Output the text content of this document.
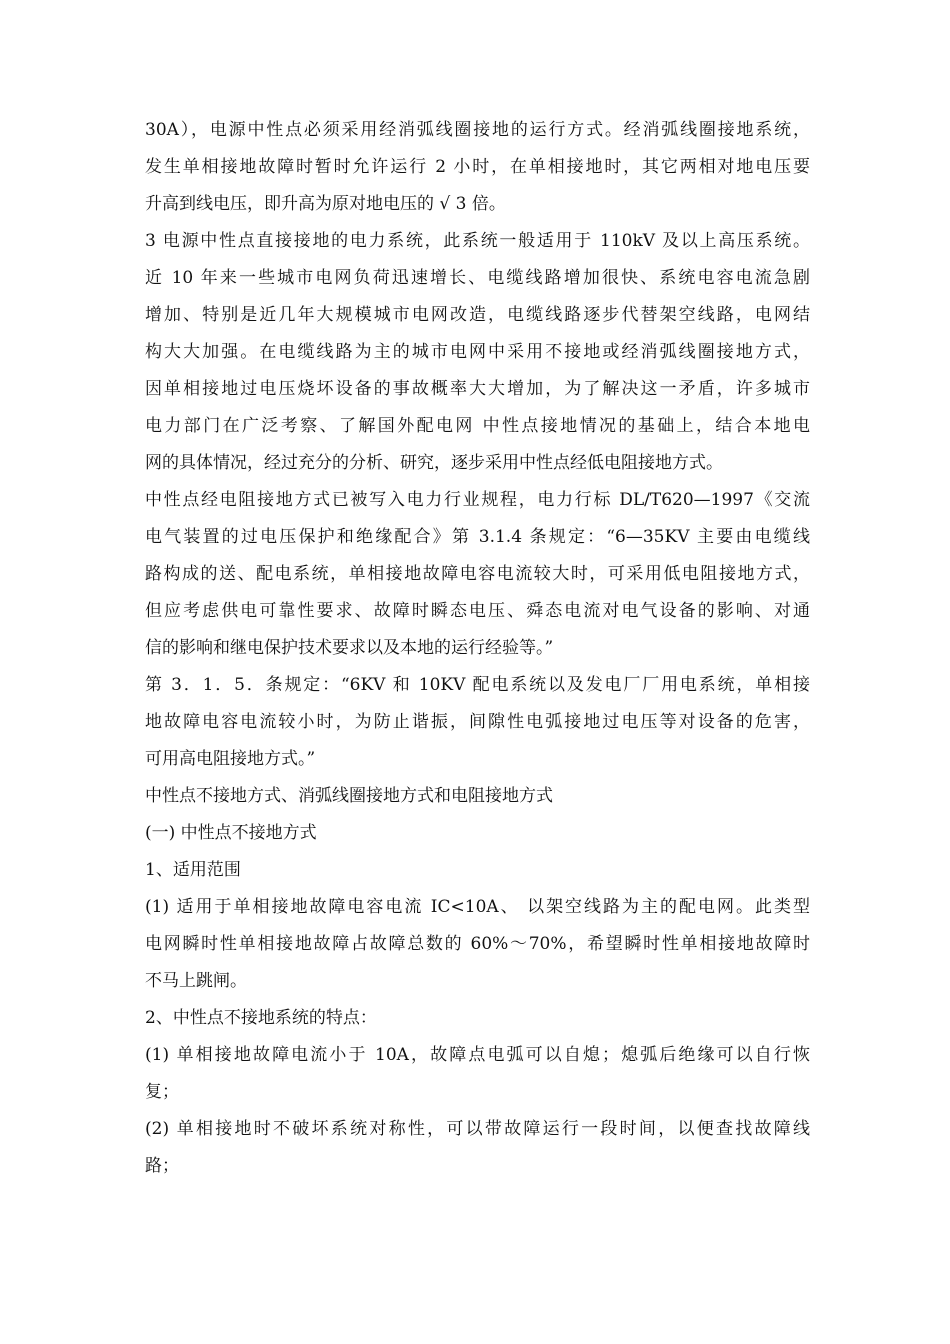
30A），电源中性点必须采用经消弧线圈接地的运行方式。经消弧线圈接地系统，
发生单相接地故障时暂时允许运行 2 小时，在单相接地时，其它两相对地电压要
升高到线电压，即升高为原对地电压的 √ 3 倍。
3 电源中性点直接接地的电力系统，此系统一般适用于 110kV 及以上高压系统。
近 10 年来一些城市电网负荷迅速增长、电缆线路增加很快、系统电容电流急剧
增加、特别是近几年大规模城市电网改造，电缆线路逐步代替架空线路，电网结
构大大加强。在电缆线路为主的城市电网中采用不接地或经消弧线圈接地方式，
因单相接地过电压烧坏设备的事故概率大大增加，为了解决这一矛盾，许多城市
电力部门在广泛考察、了解国外配电网 中性点接地情况的基础上，结合本地电
网的具体情况，经过充分的分析、研究，逐步采用中性点经低电阻接地方式。
中性点经电阻接地方式已被写入电力行业规程，电力行标 DL/T620—1997《交流
电气装置的过电压保护和绝缘配合》第 3.1.4 条规定：“6—35KV 主要由电缆线
路构成的送、配电系统，单相接地故障电容电流较大时，可采用低电阻接地方式，
但应考虑供电可靠性要求、故障时瞬态电压、舜态电流对电气设备的影响、对通
信的影响和继电保护技术要求以及本地的运行经验等。”
第 3．1．5．条规定：“6KV 和 10KV 配电系统以及发电厂厂用电系统，单相接
地故障电容电流较小时，为防止谐振，间隙性电弧接地过电压等对设备的危害，
可用高电阻接地方式。”
中性点不接地方式、消弧线圈接地方式和电阻接地方式
(一) 中性点不接地方式
1、适用范围
(1) 适用于单相接地故障电容电流 IC<10A、 以架空线路为主的配电网。此类型
电网瞬时性单相接地故障占故障总数的 60%～70%，希望瞬时性单相接地故障时
不马上跳闸。
2、中性点不接地系统的特点：
(1) 单相接地故障电流小于 10A，故障点电弧可以自熄；熄弧后绝缘可以自行恢
复；
(2) 单相接地时不破坏系统对称性，可以带故障运行一段时间，以便查找故障线
路；
